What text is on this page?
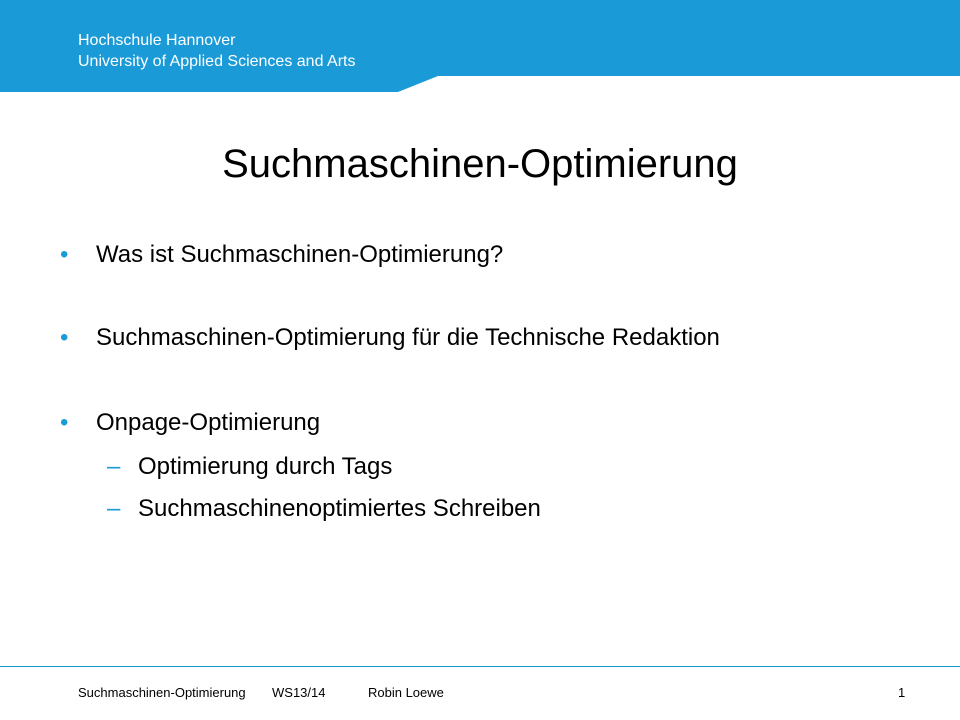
Hochschule Hannover
University of Applied Sciences and Arts
Suchmaschinen-Optimierung
• Was ist Suchmaschinen-Optimierung?
• Suchmaschinen-Optimierung für die Technische Redaktion
• Onpage-Optimierung
– Optimierung durch Tags
– Suchmaschinenoptimiertes Schreiben
Suchmaschinen-Optimierung WS13/14	Robin Loewe	1
